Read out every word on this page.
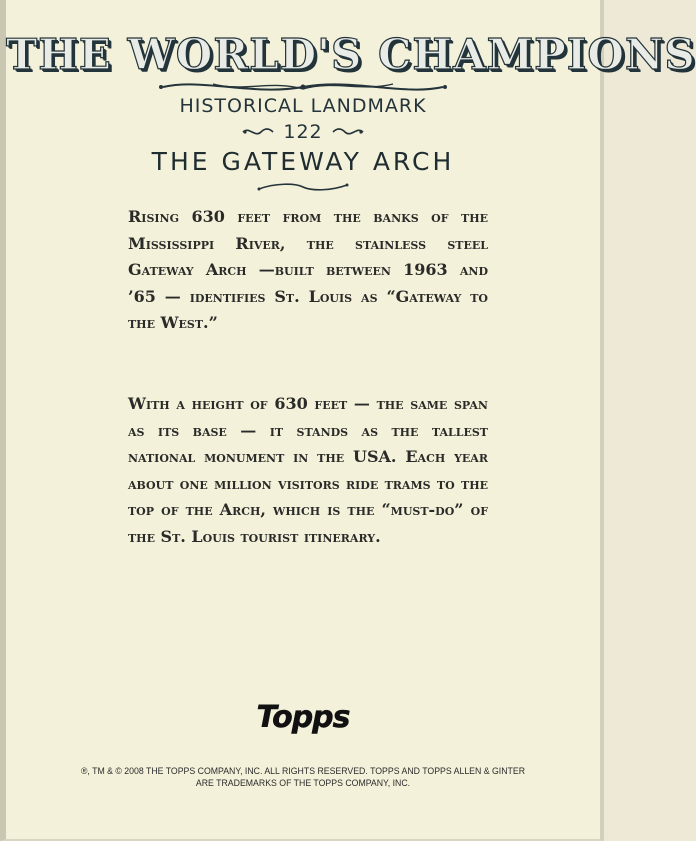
THE WORLD'S CHAMPIONS
HISTORICAL LANDMARK
122
THE GATEWAY ARCH

Rising 630 feet from the banks of the Mississippi River, the stainless steel Gateway Arch —built between 1963 and ’65 — identifies St. Louis as “Gateway to the West.”

With a height of 630 feet — the same span as its base — it stands as the tallest national monument in the USA. Each year about one million visitors ride trams to the top of the Arch, which is the “must-do” of the St. Louis tourist itinerary.

Topps
®, TM & © 2008 THE TOPPS COMPANY, INC. ALL RIGHTS RESERVED. TOPPS AND TOPPS ALLEN & GINTER
ARE TRADEMARKS OF THE TOPPS COMPANY, INC.
